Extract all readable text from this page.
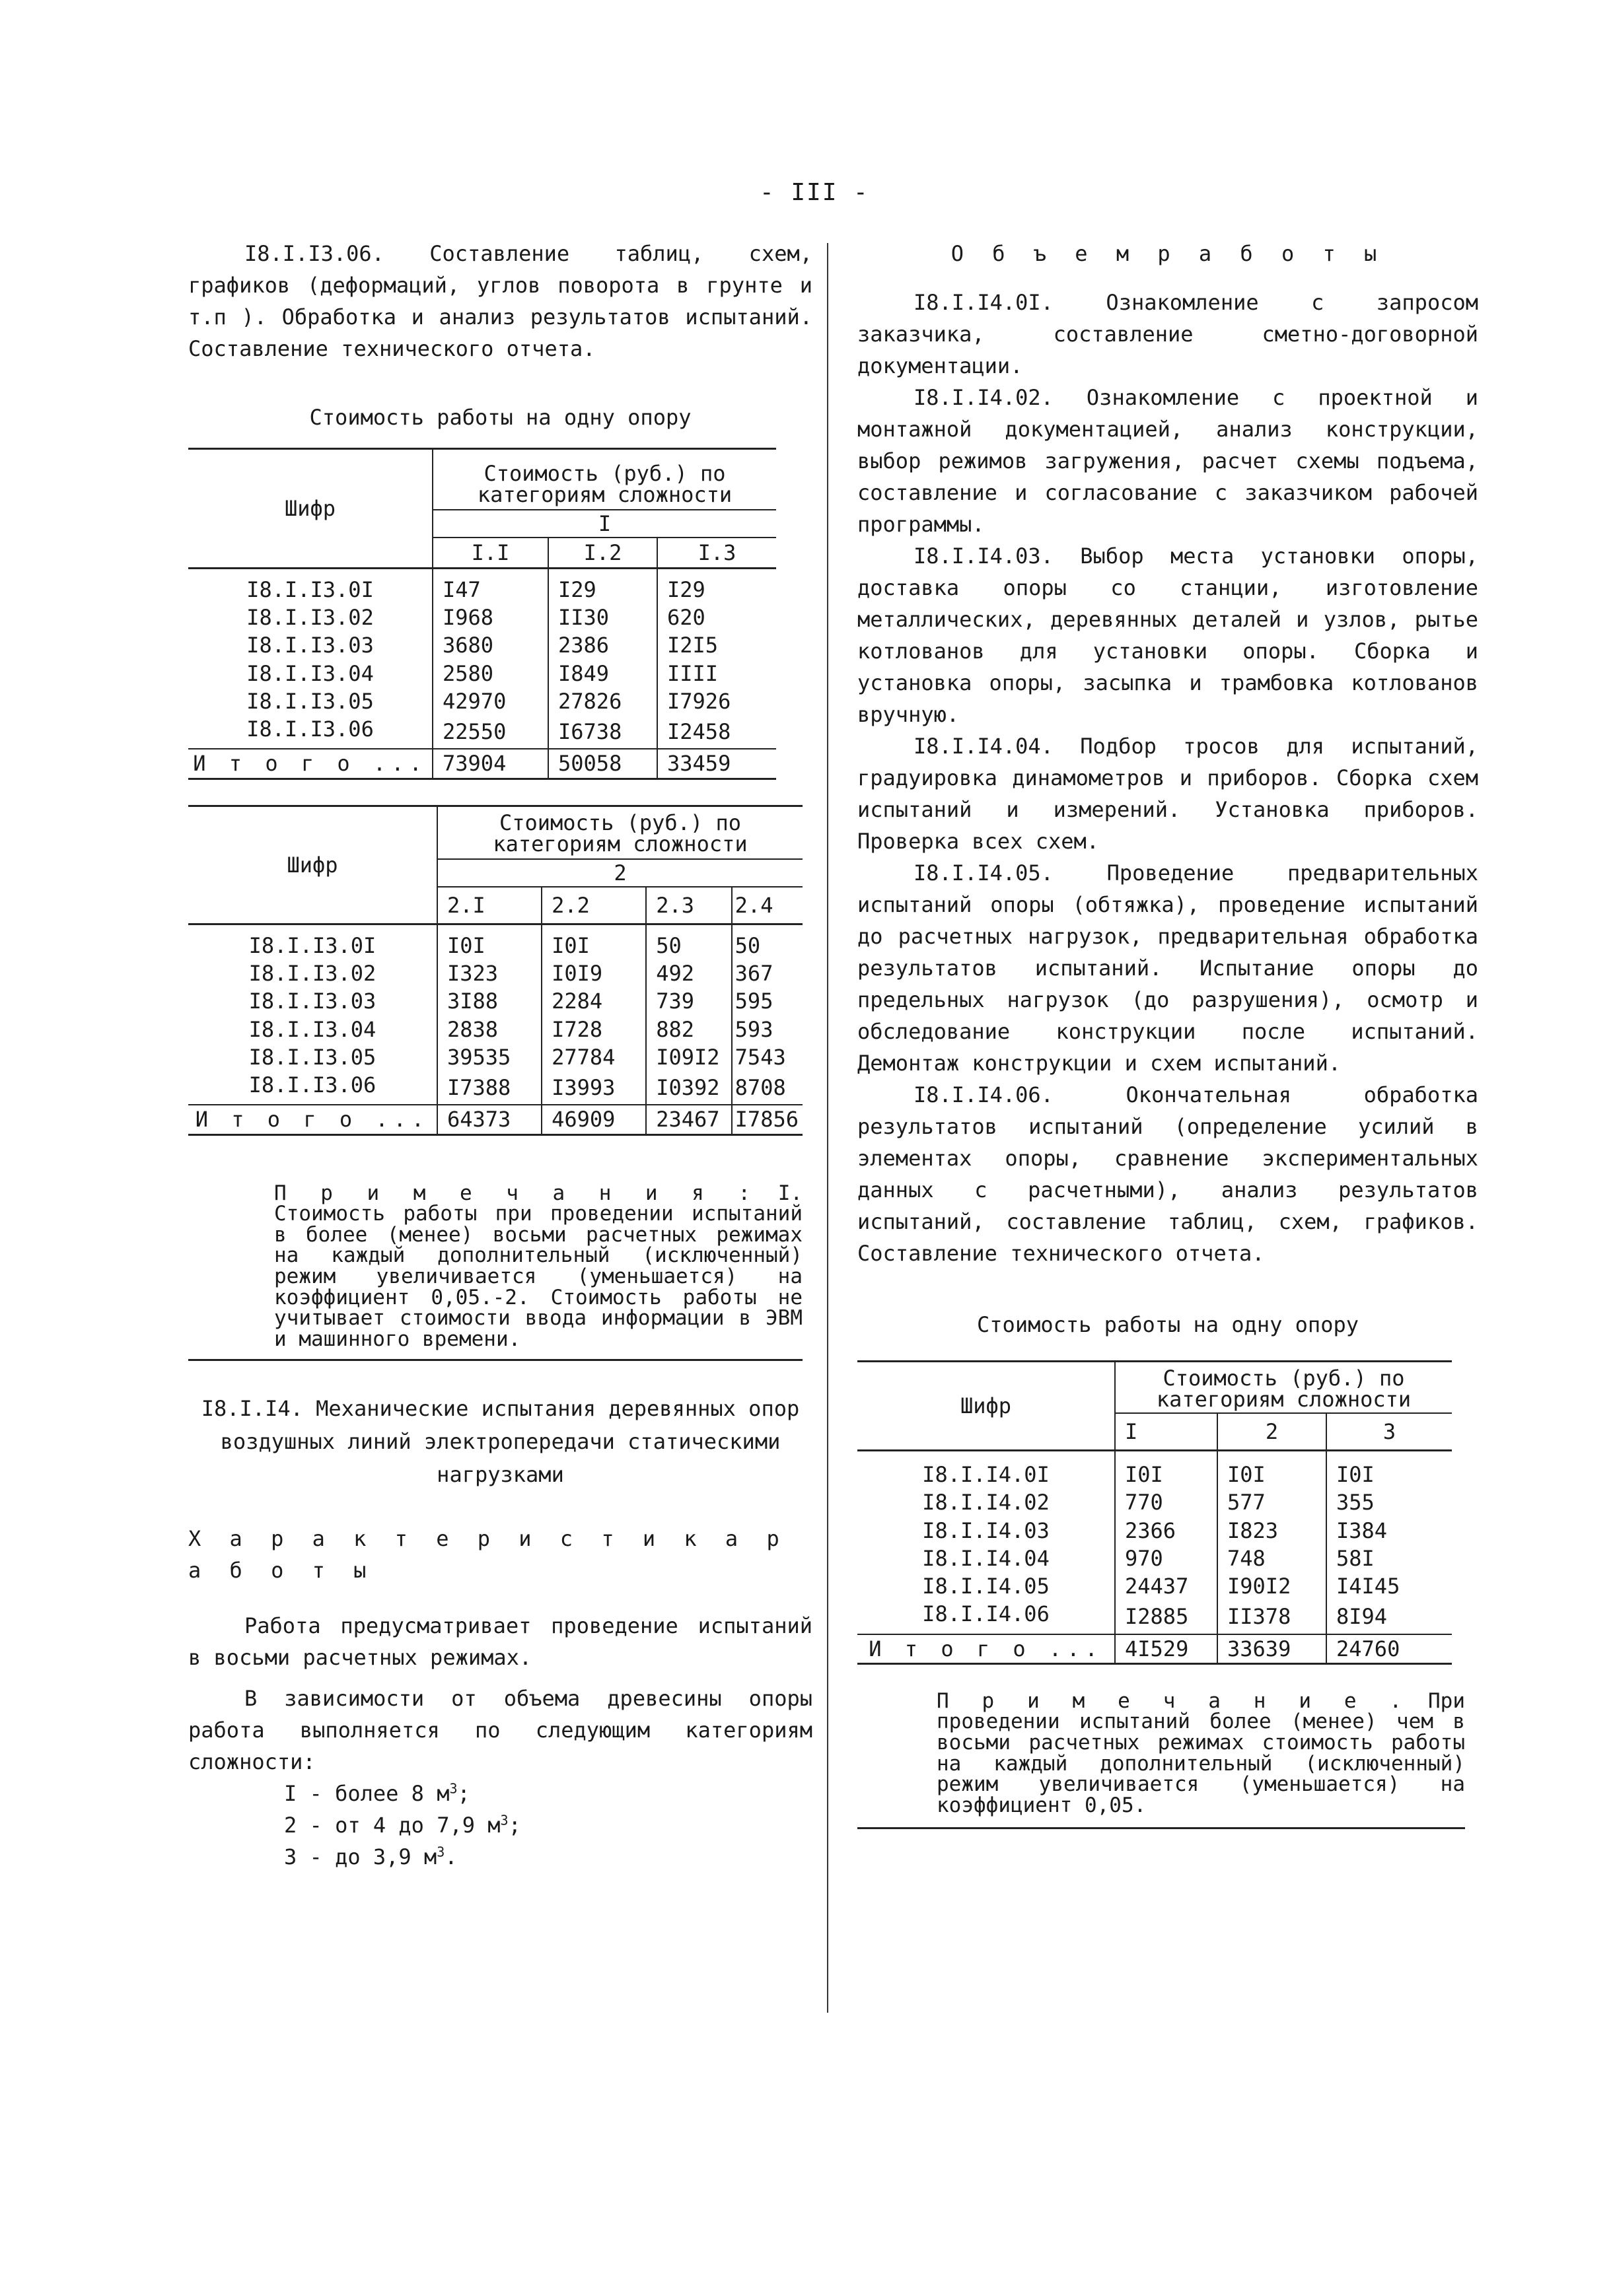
- III -

I8.I.I3.06. Составление таблиц, схем, графиков (деформаций, углов поворота в грунте и т.п ). Обработка и анализ результатов испытаний. Составление технического отчета.

Стоимость работы на одну опору

Шифр	Стоимость (руб.) по категориям сложности		
	I		
	I.I	I.2	I.3
I8.I.I3.0I	I47	I29	I29
I8.I.I3.02	I968	II30	620
I8.I.I3.03	3680	2386	I2I5
I8.I.I3.04	2580	I849	IIII
I8.I.I3.05	42970	27826	I7926
I8.I.I3.06	22550	I6738	I2458
И т о г о ...	73904	50058	33459
Шифр	Стоимость (руб.) по категориям сложности			
	2			
	2.I	2.2	2.3	2.4
I8.I.I3.0I	I0I	I0I	50	50
I8.I.I3.02	I323	I0I9	492	367
I8.I.I3.03	3I88	2284	739	595
I8.I.I3.04	2838	I728	882	593
I8.I.I3.05	39535	27784	I09I2	7543
I8.I.I3.06	I7388	I3993	I0392	8708
И т о г о ...	64373	46909	23467	I7856

П р и м е ч а н и я : I. Стоимость работы при проведении испытаний в более (менее) восьми расчетных режимах на каждый дополнительный (исключенный) режим увеличивается (уменьшается) на коэффициент 0,05.-2. Стоимость работы не учитывает стоимости ввода информации в ЭВМ и машинного времени.

I8.I.I4. Механические испытания деревянных опор воздушных линий электропередачи статическими нагрузками

Х а р а к т е р и с т и к а р а б о т ы

Работа предусматривает проведение испытаний в восьми расчетных режимах.

В зависимости от объема древесины опоры работа выполняется по следующим категориям сложности:

I - более 8 $м^3$;

2 - от 4 до 7,9 $м^3$;

3 - до 3,9 $м^3$.

О б ъ е м р а б о т ы

I8.I.I4.0I. Ознакомление с запросом заказчика, составление сметно-договорной документации.

I8.I.I4.02. Ознакомление с проектной и монтажной документацией, анализ конструкции, выбор режимов загружения, расчет схемы подъема, составление и согласование с заказчиком рабочей программы.

I8.I.I4.03. Выбор места установки опоры, доставка опоры со станции, изготовление металлических, деревянных деталей и узлов, рытье котлованов для установки опоры. Сборка и установка опоры, засыпка и трамбовка котлованов вручную.

I8.I.I4.04. Подбор тросов для испытаний, градуировка динамометров и приборов. Сборка схем испытаний и измерений. Установка приборов. Проверка всех схем.

I8.I.I4.05. Проведение предварительных испытаний опоры (обтяжка), проведение испытаний до расчетных нагрузок, предварительная обработка результатов испытаний. Испытание опоры до предельных нагрузок (до разрушения), осмотр и обследование конструкции после испытаний. Демонтаж конструкции и схем испытаний.

I8.I.I4.06. Окончательная обработка результатов испытаний (определение усилий в элементах опоры, сравнение экспериментальных данных с расчетными), анализ результатов испытаний, составление таблиц, схем, графиков. Составление технического отчета.

Стоимость работы на одну опору

Шифр	Стоимость (руб.) по категориям сложности		
	I	2	3
I8.I.I4.0I	I0I	I0I	I0I
I8.I.I4.02	770	577	355
I8.I.I4.03	2366	I823	I384
I8.I.I4.04	970	748	58I
I8.I.I4.05	24437	I90I2	I4I45
I8.I.I4.06	I2885	II378	8I94
И т о г о ...	4I529	33639	24760

П р и м е ч а н и е . При проведении испытаний более (менее) чем в восьми расчетных режимах стоимость работы на каждый дополнительный (исключенный) режим увеличивается (уменьшается) на коэффициент 0,05.
